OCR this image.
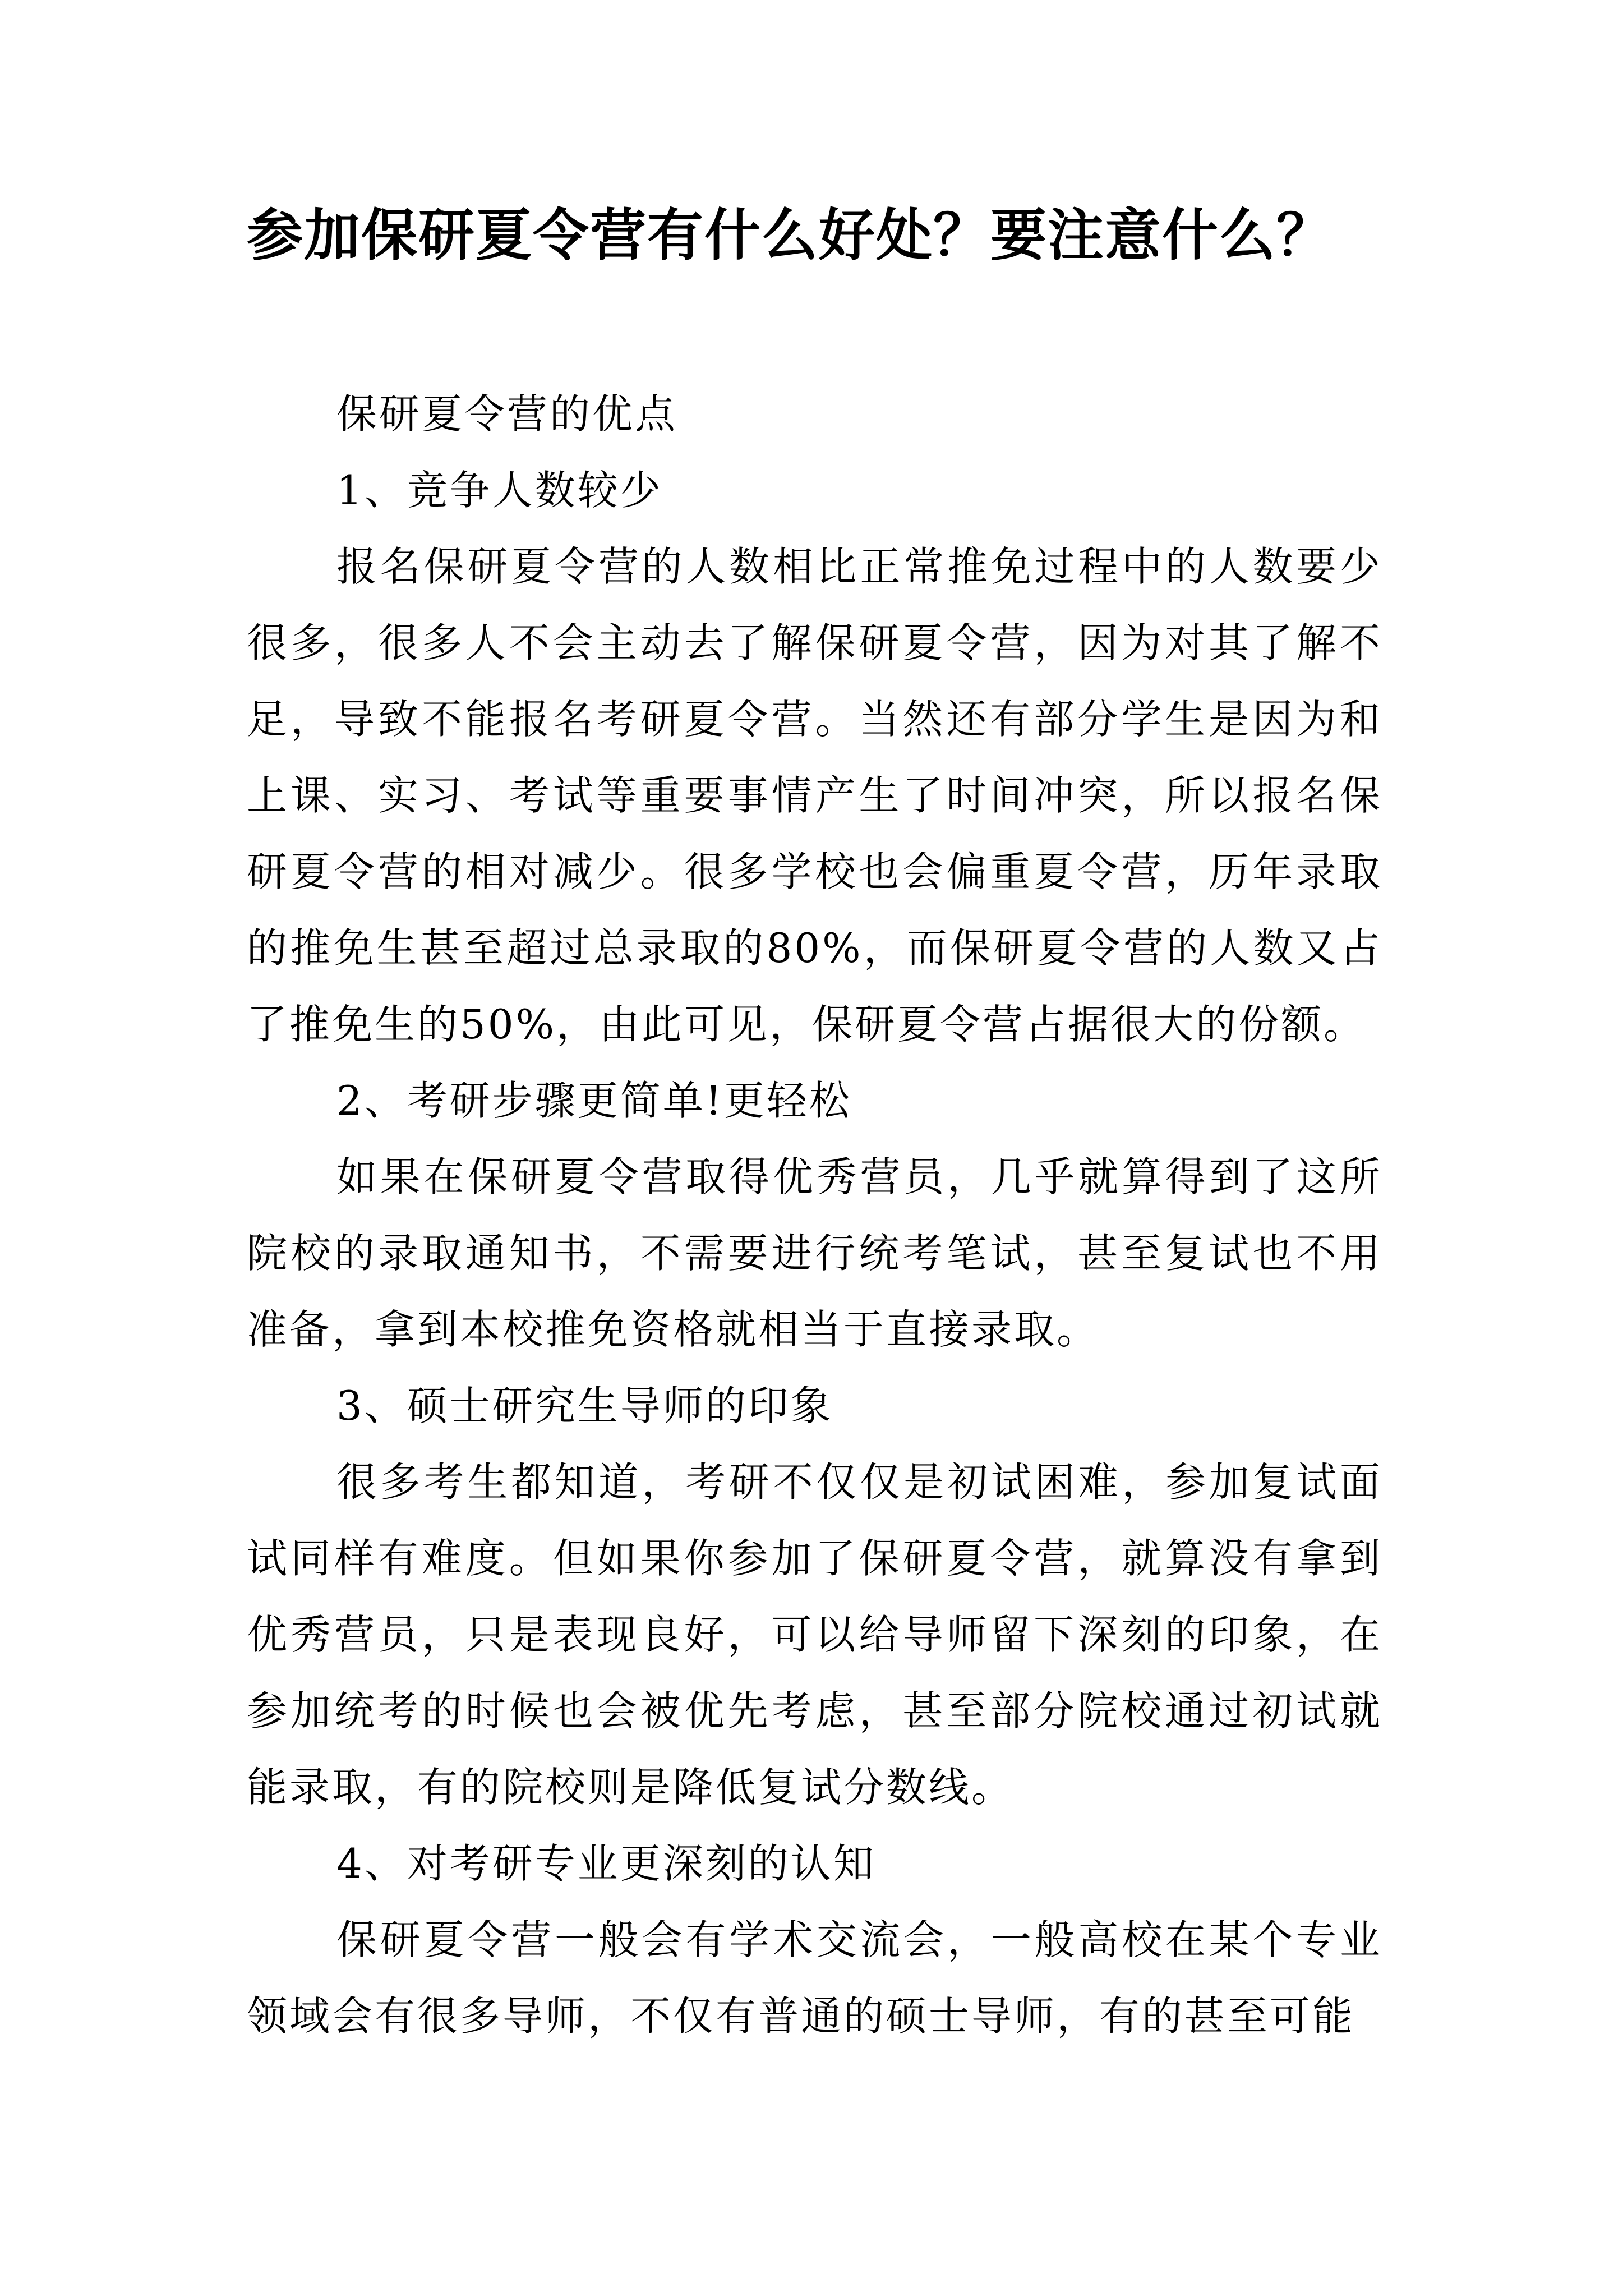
参加保研夏令营有什么好处？要注意什么？

保研夏令营的优点

1、竞争人数较少

报名保研夏令营的人数相比正常推免过程中的人数要少很多，很多人不会主动去了解保研夏令营，因为对其了解不足，导致不能报名考研夏令营。当然还有部分学生是因为和上课、实习、考试等重要事情产生了时间冲突，所以报名保研夏令营的相对减少。很多学校也会偏重夏令营，历年录取的推免生甚至超过总录取的80%，而保研夏令营的人数又占了推免生的50%，由此可见，保研夏令营占据很大的份额。

2、考研步骤更简单!更轻松

如果在保研夏令营取得优秀营员，几乎就算得到了这所院校的录取通知书，不需要进行统考笔试，甚至复试也不用准备，拿到本校推免资格就相当于直接录取。

3、硕士研究生导师的印象

很多考生都知道，考研不仅仅是初试困难，参加复试面试同样有难度。但如果你参加了保研夏令营，就算没有拿到优秀营员，只是表现良好，可以给导师留下深刻的印象，在参加统考的时候也会被优先考虑，甚至部分院校通过初试就能录取，有的院校则是降低复试分数线。

4、对考研专业更深刻的认知

保研夏令营一般会有学术交流会，一般高校在某个专业领域会有很多导师，不仅有普通的硕士导师，有的甚至可能
